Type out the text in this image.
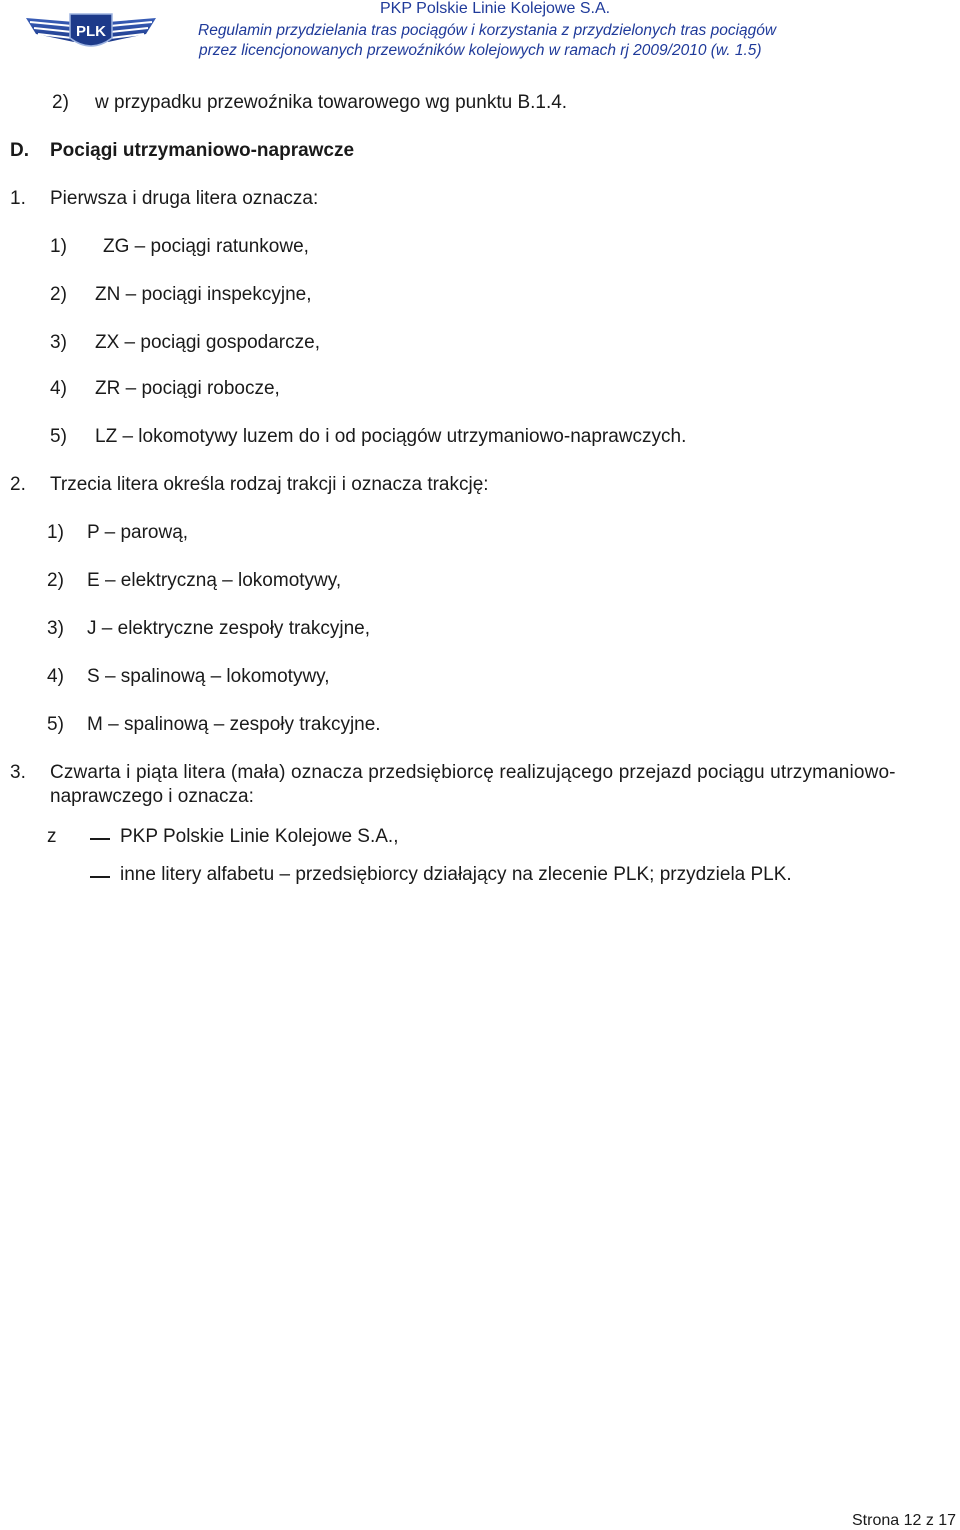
PLK
PKP Polskie Linie Kolejowe S.A.
Regulamin przydzielania tras pociągów i korzystania z przydzielonych tras pociągów
przez licencjonowanych przewoźników kolejowych w ramach rj 2009/2010 (w. 1.5)
2) w przypadku przewoźnika towarowego wg punktu B.1.4.
D. Pociągi utrzymaniowo-naprawcze
1. Pierwsza i druga litera oznacza:
1) ZG – pociągi ratunkowe,
2) ZN – pociągi inspekcyjne,
3) ZX – pociągi gospodarcze,
4) ZR – pociągi robocze,
5) LZ – lokomotywy luzem do i od pociągów utrzymaniowo-naprawczych.
2. Trzecia litera określa rodzaj trakcji i oznacza trakcję:
1) P – parową,
2) E – elektryczną – lokomotywy,
3) J – elektryczne zespoły trakcyjne,
4) S – spalinową – lokomotywy,
5) M – spalinową – zespoły trakcyjne.
3. Czwarta i piąta litera (mała) oznacza przedsiębiorcę realizującego przejazd pociągu utrzymaniowo-
naprawczego i oznacza:
z	PKP Polskie Linie Kolejowe S.A.,
inne litery alfabetu – przedsiębiorcy działający na zlecenie PLK; przydziela PLK.
Strona 12 z 17
